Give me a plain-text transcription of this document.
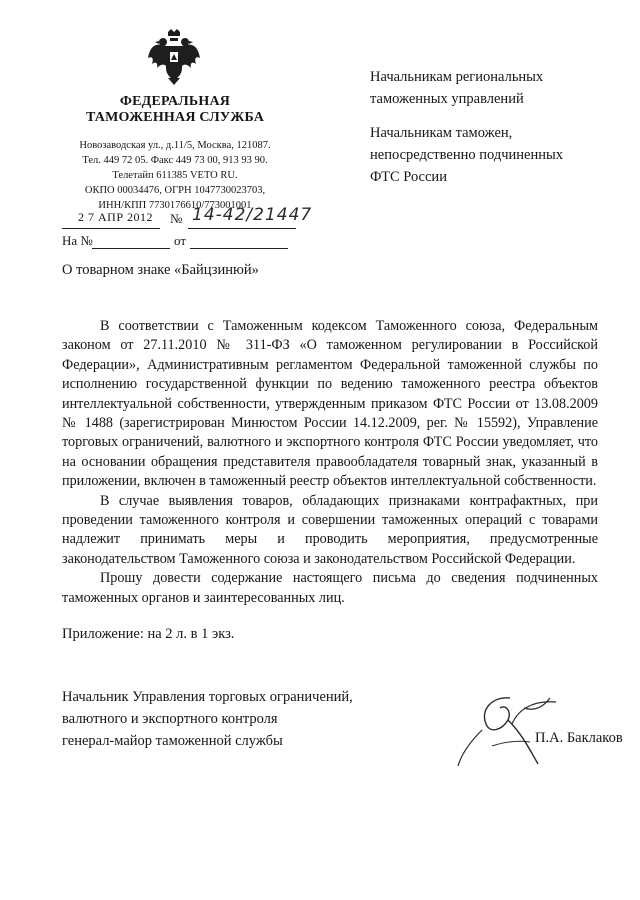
ФЕДЕРАЛЬНАЯ
ТАМОЖЕННАЯ СЛУЖБА
Новозаводская ул., д.11/5, Москва, 121087.
Тел. 449 72 05. Факс 449 73 00, 913 93 90.
Телетайп 611385 VETO RU.
ОКПО 00034476, ОГРН 1047730023703,
ИНН/КПП 7730176610/773001001
2 7 АПР 2012 № 14-42/21447
На №	от
Начальникам региональных
таможенных управлений
Начальникам таможен,
непосредственно подчиненных
ФТС России
О товарном знаке «Байцзинюй»

В соответствии с Таможенным кодексом Таможенного союза, Федеральным законом от 27.11.2010 № 311-ФЗ «О таможенном регулировании в Российской Федерации», Административным регламентом Федеральной таможенной службы по исполнению государственной функции по ведению таможенного реестра объектов интеллектуальной собственности, утвержденным приказом ФТС России от 13.08.2009 № 1488 (зарегистрирован Минюстом России 14.12.2009, рег. № 15592), Управление торговых ограничений, валютного и экспортного контроля ФТС России уведомляет, что на основании обращения представителя правообладателя товарный знак, указанный в приложении, включен в таможенный реестр объектов интеллектуальной собственности.

В случае выявления товаров, обладающих признаками контрафактных, при проведении таможенного контроля и совершении таможенных операций с товарами надлежит принимать меры и проводить мероприятия, предусмотренные законодательством Таможенного союза и законодательством Российской Федерации.

Прошу довести содержание настоящего письма до сведения подчиненных таможенных органов и заинтересованных лиц.

Приложение: на 2 л. в 1 экз.
Начальник Управления торговых ограничений,
валютного и экспортного контроля
генерал-майор таможенной службы	П.А. Баклаков
